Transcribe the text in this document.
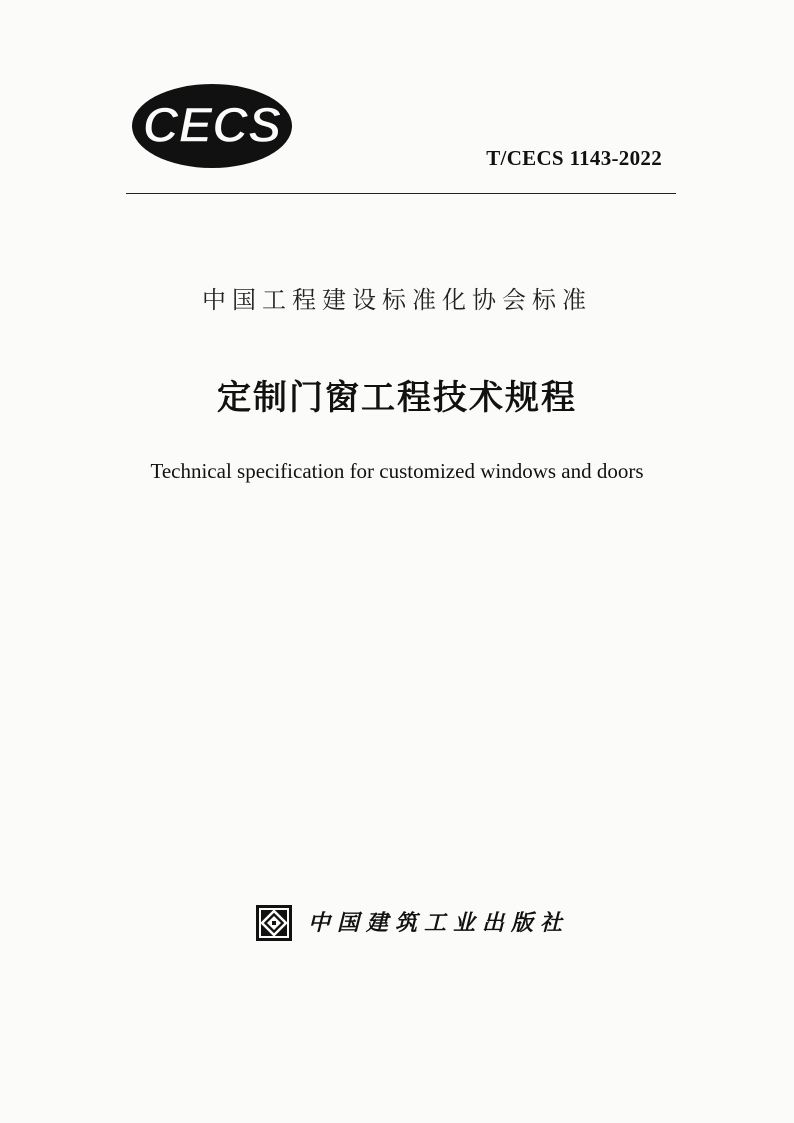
CECS
T/CECS 1143-2022
中国工程建设标准化协会标准
定制门窗工程技术规程
Technical specification for customized windows and doors
中国建筑工业出版社
